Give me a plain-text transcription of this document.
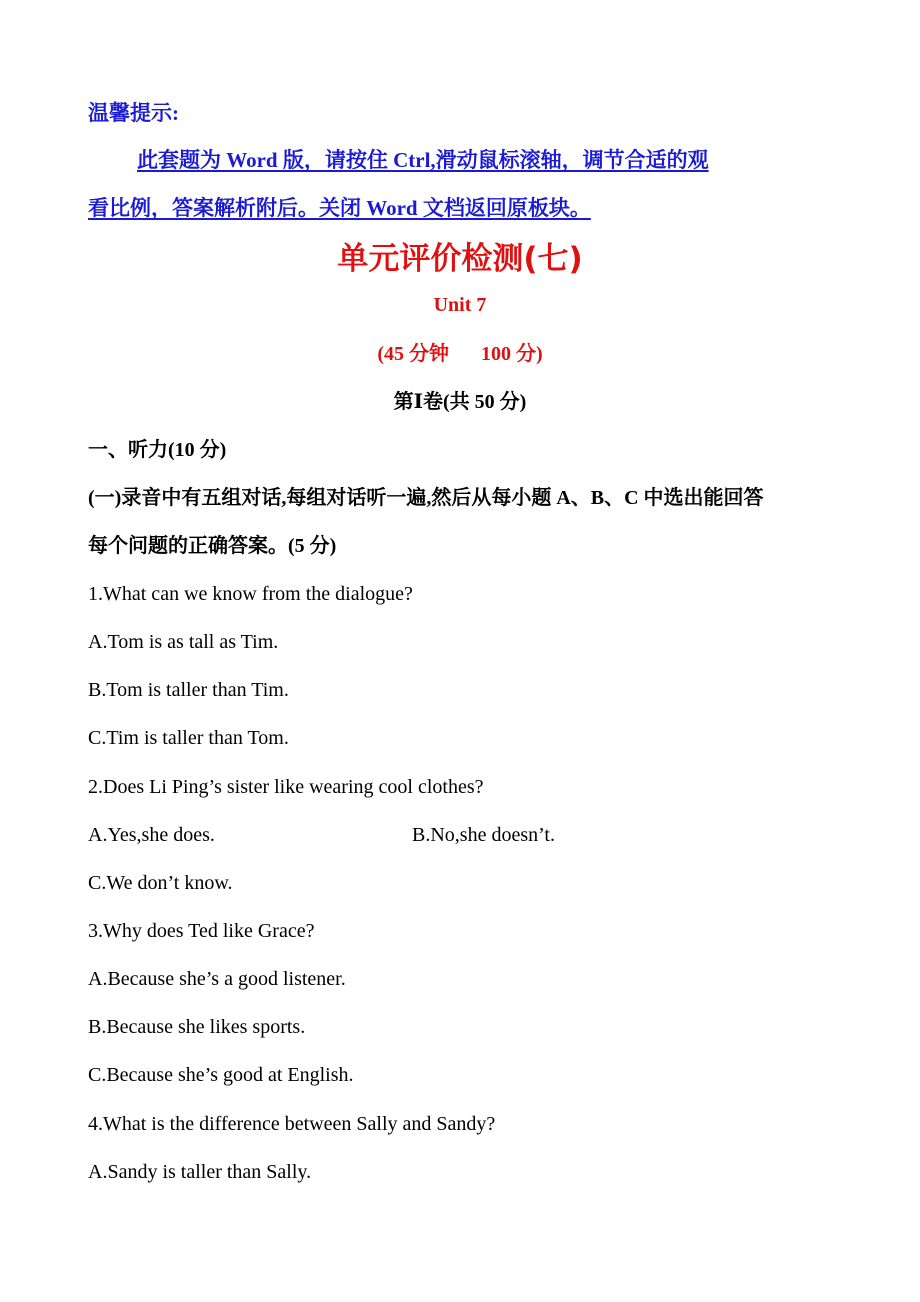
温馨提示:
此套题为 Word 版，请按住 Ctrl,滑动鼠标滚轴，调节合适的观
看比例，答案解析附后。关闭 Word 文档返回原板块。
单元评价检测(七)
Unit 7
(45 分钟 100 分)
第Ⅰ卷(共 50 分)
一、听力(10 分)
(一)录音中有五组对话,每组对话听一遍,然后从每小题 A、B、C 中选出能回答
每个问题的正确答案。(5 分)
1.What can we know from the dialogue?
A.Tom is as tall as Tim.
B.Tom is taller than Tim.
C.Tim is taller than Tom.
2.Does Li Ping’s sister like wearing cool clothes?
A.Yes,she does.	B.No,she doesn’t.
C.We don’t know.
3.Why does Ted like Grace?
A.Because she’s a good listener.
B.Because she likes sports.
C.Because she’s good at English.
4.What is the difference between Sally and Sandy?
A.Sandy is taller than Sally.
